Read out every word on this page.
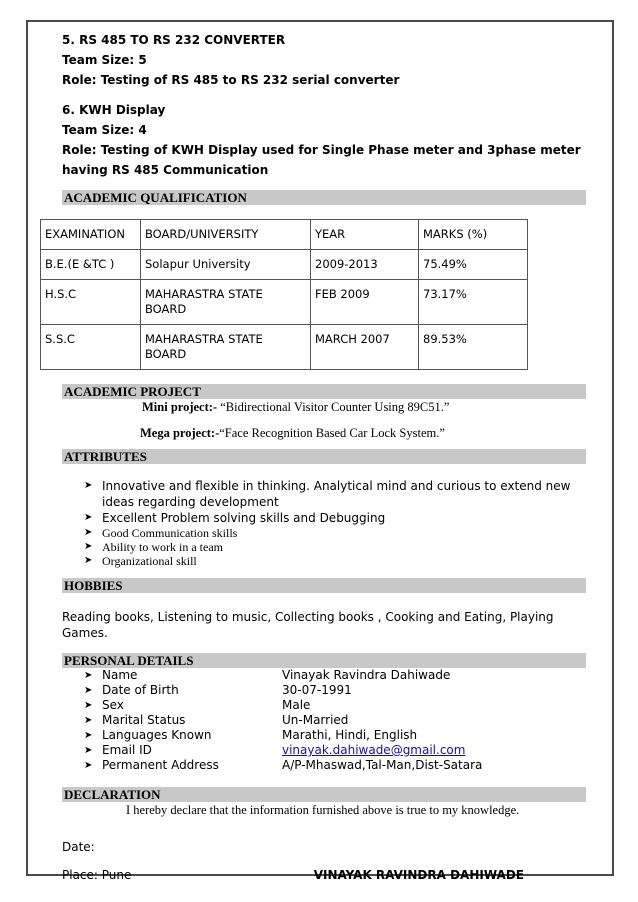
5. RS 485 TO RS 232 CONVERTER
Team Size: 5
Role: Testing of RS 485 to RS 232 serial converter
6. KWH Display
Team Size: 4
Role: Testing of KWH Display used for Single Phase meter and 3phase meter having RS 485 Communication
ACADEMIC QUALIFICATION
EXAMINATION	BOARD/UNIVERSITY	YEAR	MARKS (%)
B.E.(E &TC )	Solapur University	2009-2013	75.49%
H.S.C	MAHARASTRA STATE BOARD	FEB 2009	73.17%
S.S.C	MAHARASTRA STATE BOARD	MARCH 2007	89.53%
ACADEMIC PROJECT
Mini project:- “Bidirectional Visitor Counter Using 89C51.”
Mega project:-“Face Recognition Based Car Lock System.”
ATTRIBUTES
➤ Innovative and flexible in thinking. Analytical mind and curious to extend new ideas regarding development
➤ Excellent Problem solving skills and Debugging
➤ Good Communication skills
➤ Ability to work in a team
➤ Organizational skill
HOBBIES
Reading books, Listening to music, Collecting books , Cooking and Eating, Playing Games.
PERSONAL DETAILS
➤ Name	Vinayak Ravindra Dahiwade
➤ Date of Birth	30-07-1991
➤ Sex	Male
➤ Marital Status	Un-Married
➤ Languages Known	Marathi, Hindi, English
➤ Email ID	vinayak.dahiwade@gmail.com
➤ Permanent Address	A/P-Mhaswad,Tal-Man,Dist-Satara
DECLARATION
I hereby declare that the information furnished above is true to my knowledge.
Date:
Place: Pune	VINAYAK RAVINDRA DAHIWADE
